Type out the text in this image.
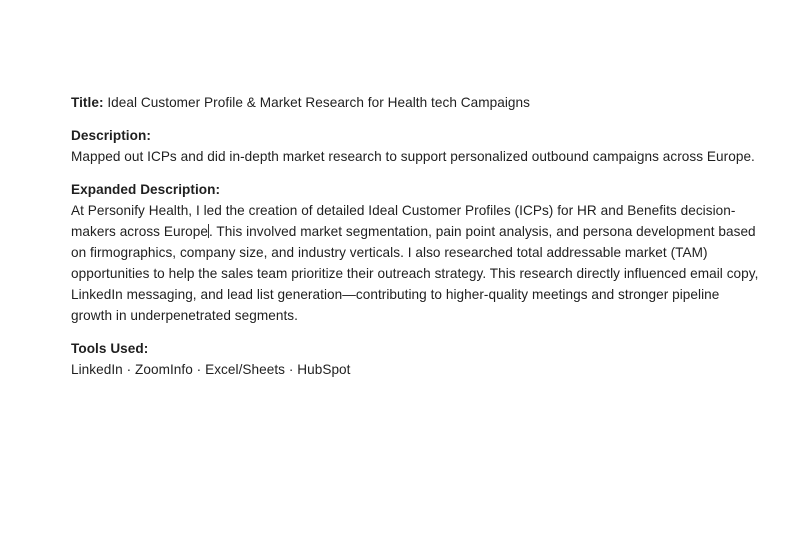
Title: Ideal Customer Profile & Market Research for Health tech Campaigns

Description:

Mapped out ICPs and did in-depth market research to support personalized outbound campaigns across Europe.

Expanded Description:

At Personify Health, I led the creation of detailed Ideal Customer Profiles (ICPs) for HR and Benefits decision-makers across Europe. This involved market segmentation, pain point analysis, and persona development based on firmographics, company size, and industry verticals. I also researched total addressable market (TAM) opportunities to help the sales team prioritize their outreach strategy. This research directly influenced email copy, LinkedIn messaging, and lead list generation—contributing to higher-quality meetings and stronger pipeline growth in underpenetrated segments.

Tools Used:

LinkedIn · ZoomInfo · Excel/Sheets · HubSpot
